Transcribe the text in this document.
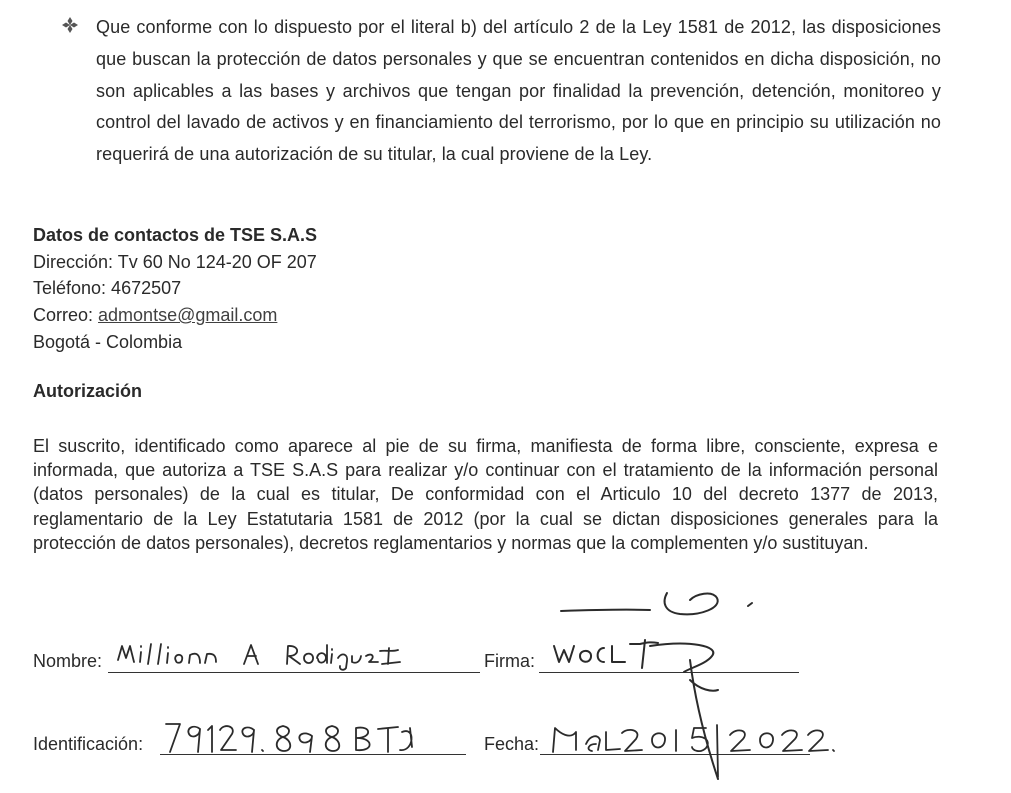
Que conforme con lo dispuesto por el literal b) del artículo 2 de la Ley 1581 de 2012, las disposiciones que buscan la protección de datos personales y que se encuentran contenidos en dicha disposición, no son aplicables a las bases y archivos que tengan por finalidad la prevención, detención, monitoreo y control del lavado de activos y en financiamiento del terrorismo, por lo que en principio su utilización no requerirá de una autorización de su titular, la cual proviene de la Ley.

Datos de contactos de TSE S.A.S
Dirección: Tv 60 No 124-20 OF 207
Teléfono: 4672507
Correo: admontse@gmail.com
Bogotá - Colombia
Autorización

El suscrito, identificado como aparece al pie de su firma, manifiesta de forma libre, consciente, expresa e informada, que autoriza a TSE S.A.S para realizar y/o continuar con el tratamiento de la información personal (datos personales) de la cual es titular, De conformidad con el Articulo 10 del decreto 1377 de 2013, reglamentario de la Ley Estatutaria 1581 de 2012 (por la cual se dictan disposiciones generales para la protección de datos personales), decretos reglamentarios y normas que la complementen y/o sustituyan.

Nombre:	Firma:
Identificación:	Fecha:
